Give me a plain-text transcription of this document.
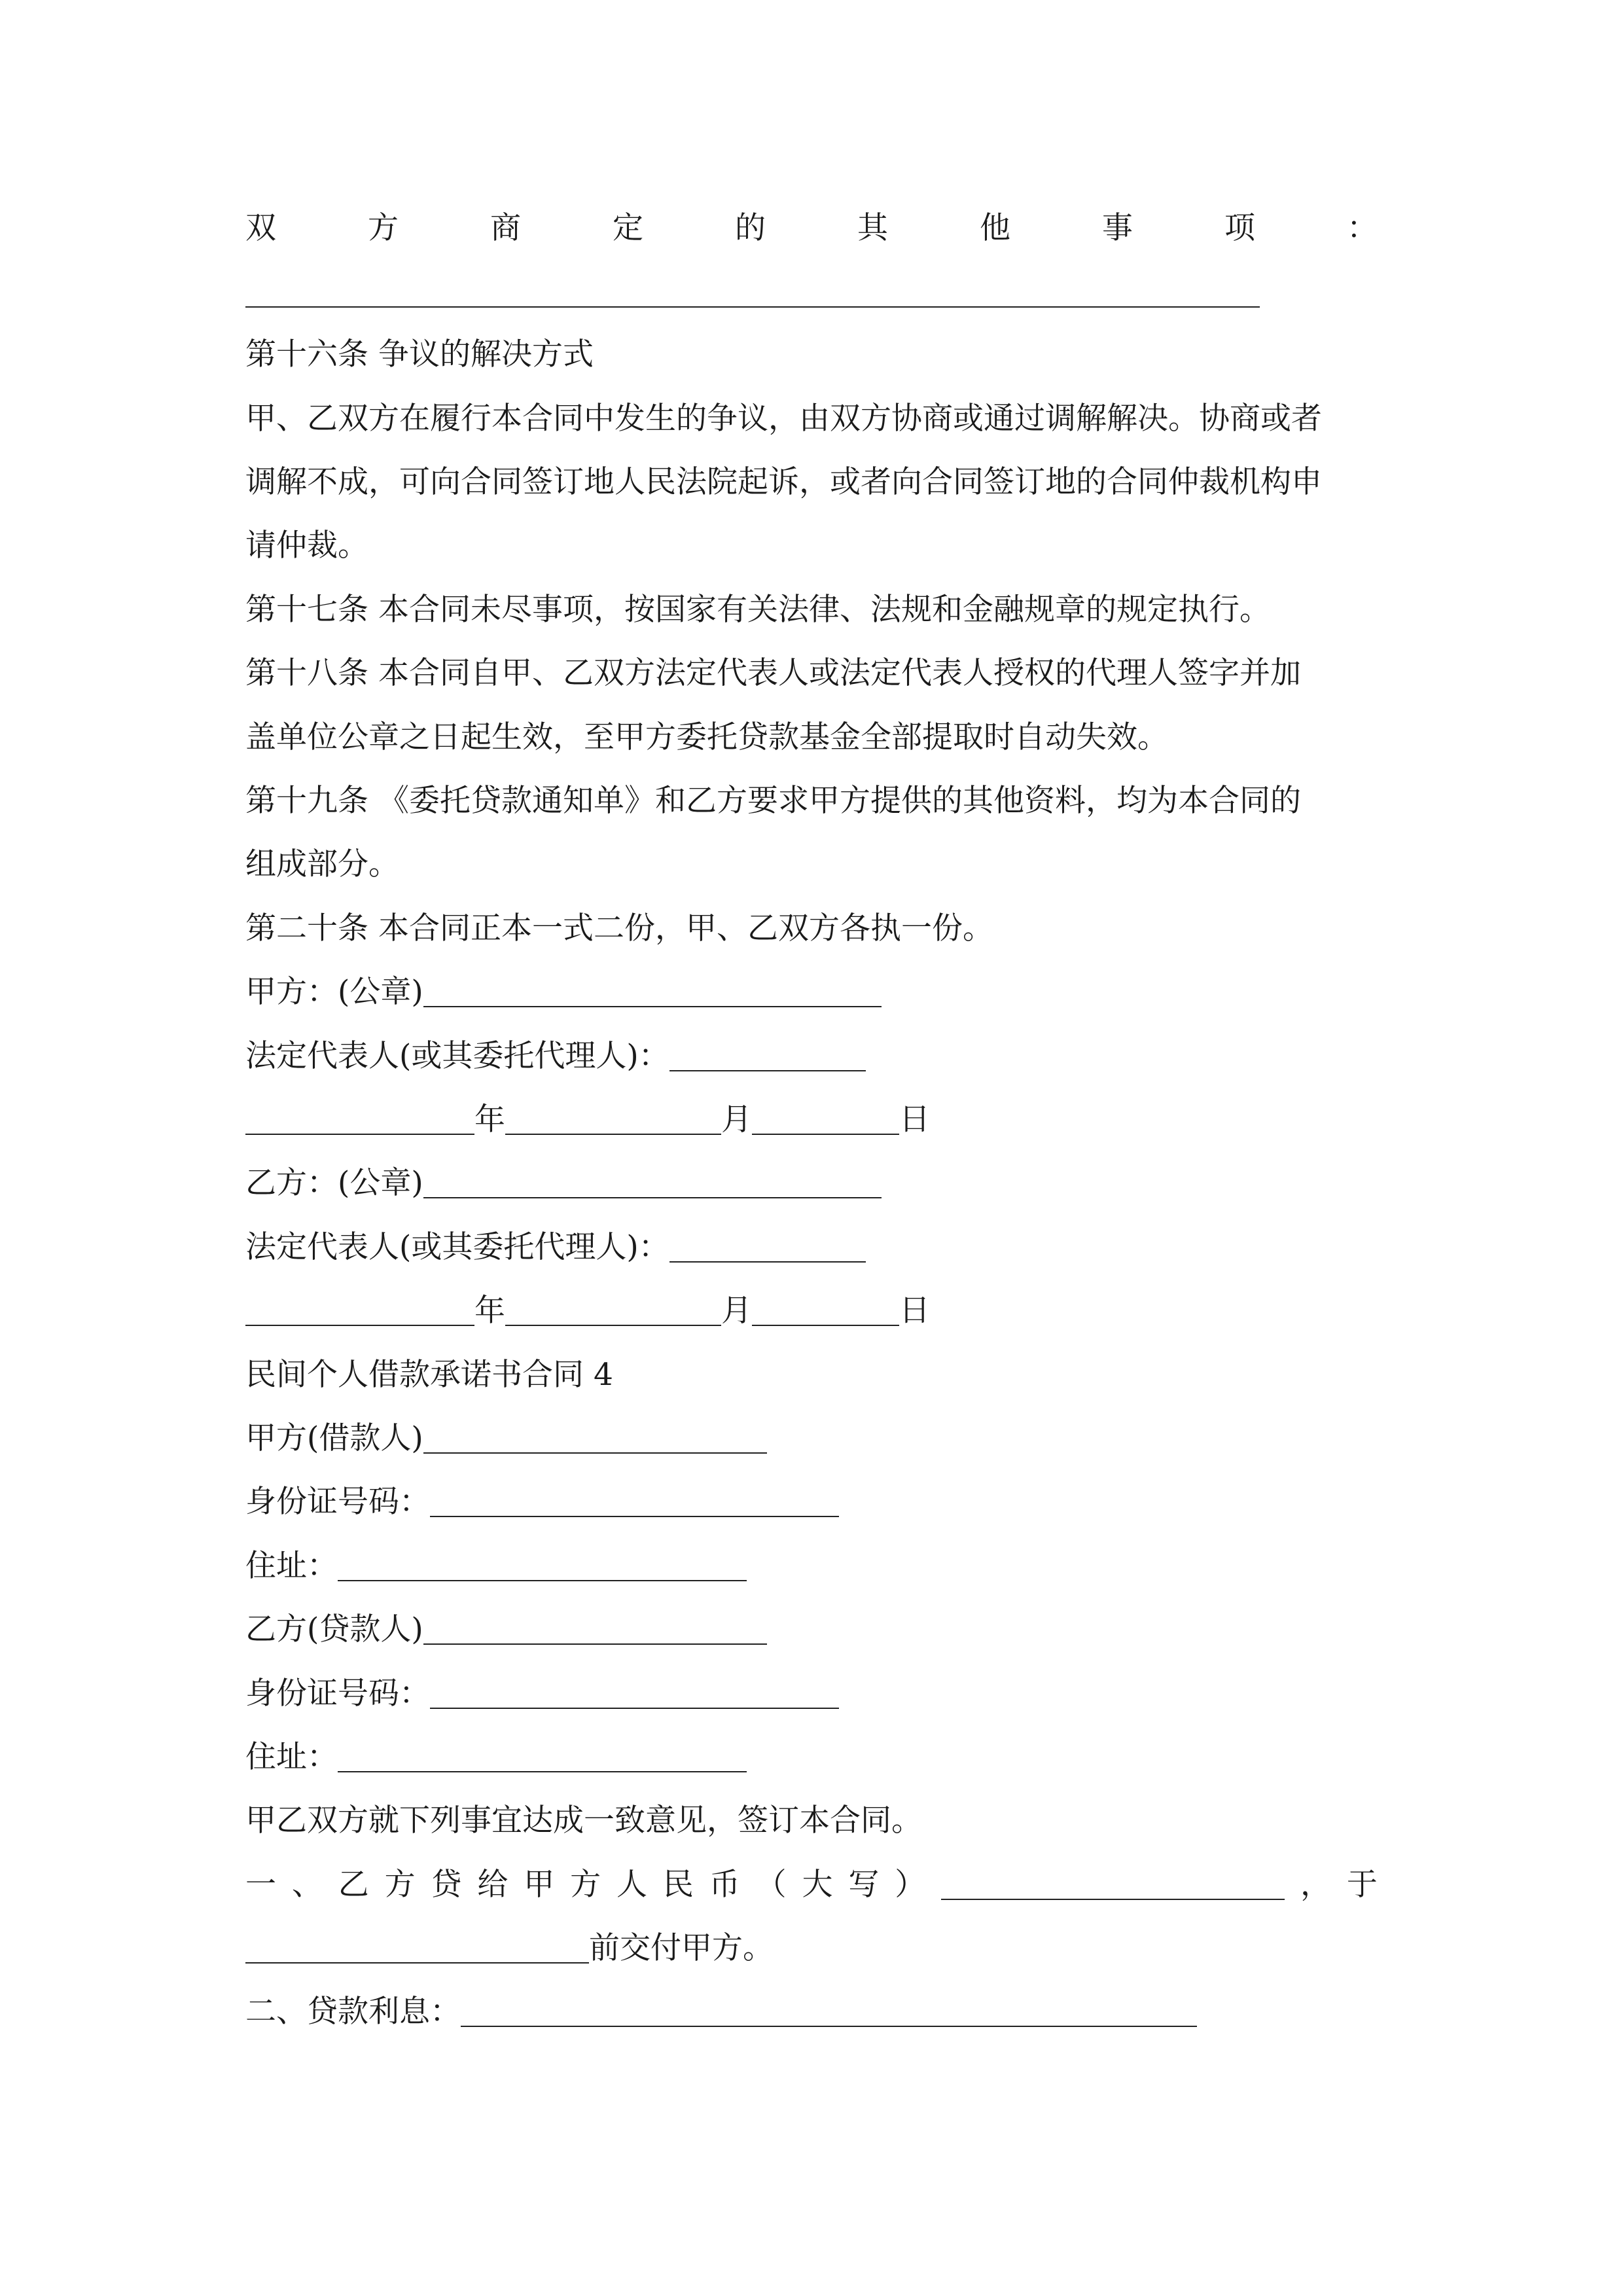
双	方	商	定	的	其	他	事	项	：

第十六条 争议的解决方式

甲、乙双方在履行本合同中发生的争议，由双方协商或通过调解解决。协商或者

调解不成，可向合同签订地人民法院起诉，或者向合同签订地的合同仲裁机构申

请仲裁。

第十七条 本合同未尽事项，按国家有关法律、法规和金融规章的规定执行。

第十八条 本合同自甲、乙双方法定代表人或法定代表人授权的代理人签字并加

盖单位公章之日起生效，至甲方委托贷款基金全部提取时自动失效。

第十九条 《委托贷款通知单》和乙方要求甲方提供的其他资料，均为本合同的

组成部分。

第二十条 本合同正本一式二份，甲、乙双方各执一份。

甲方：(公章)
法定代表人(或其委托代理人)：
年	月	日
乙方：(公章)
法定代表人(或其委托代理人)：
年	月	日

民间个人借款承诺书合同 4

甲方(借款人)
身份证号码：
住址：
乙方(贷款人)
身份证号码：
住址：

甲乙双方就下列事宜达成一致意见，签订本合同。

一 、 乙 方 贷 给 甲 方 人 民 币 （ 大 写 ）	， 于
前交付甲方。
二、贷款利息：
